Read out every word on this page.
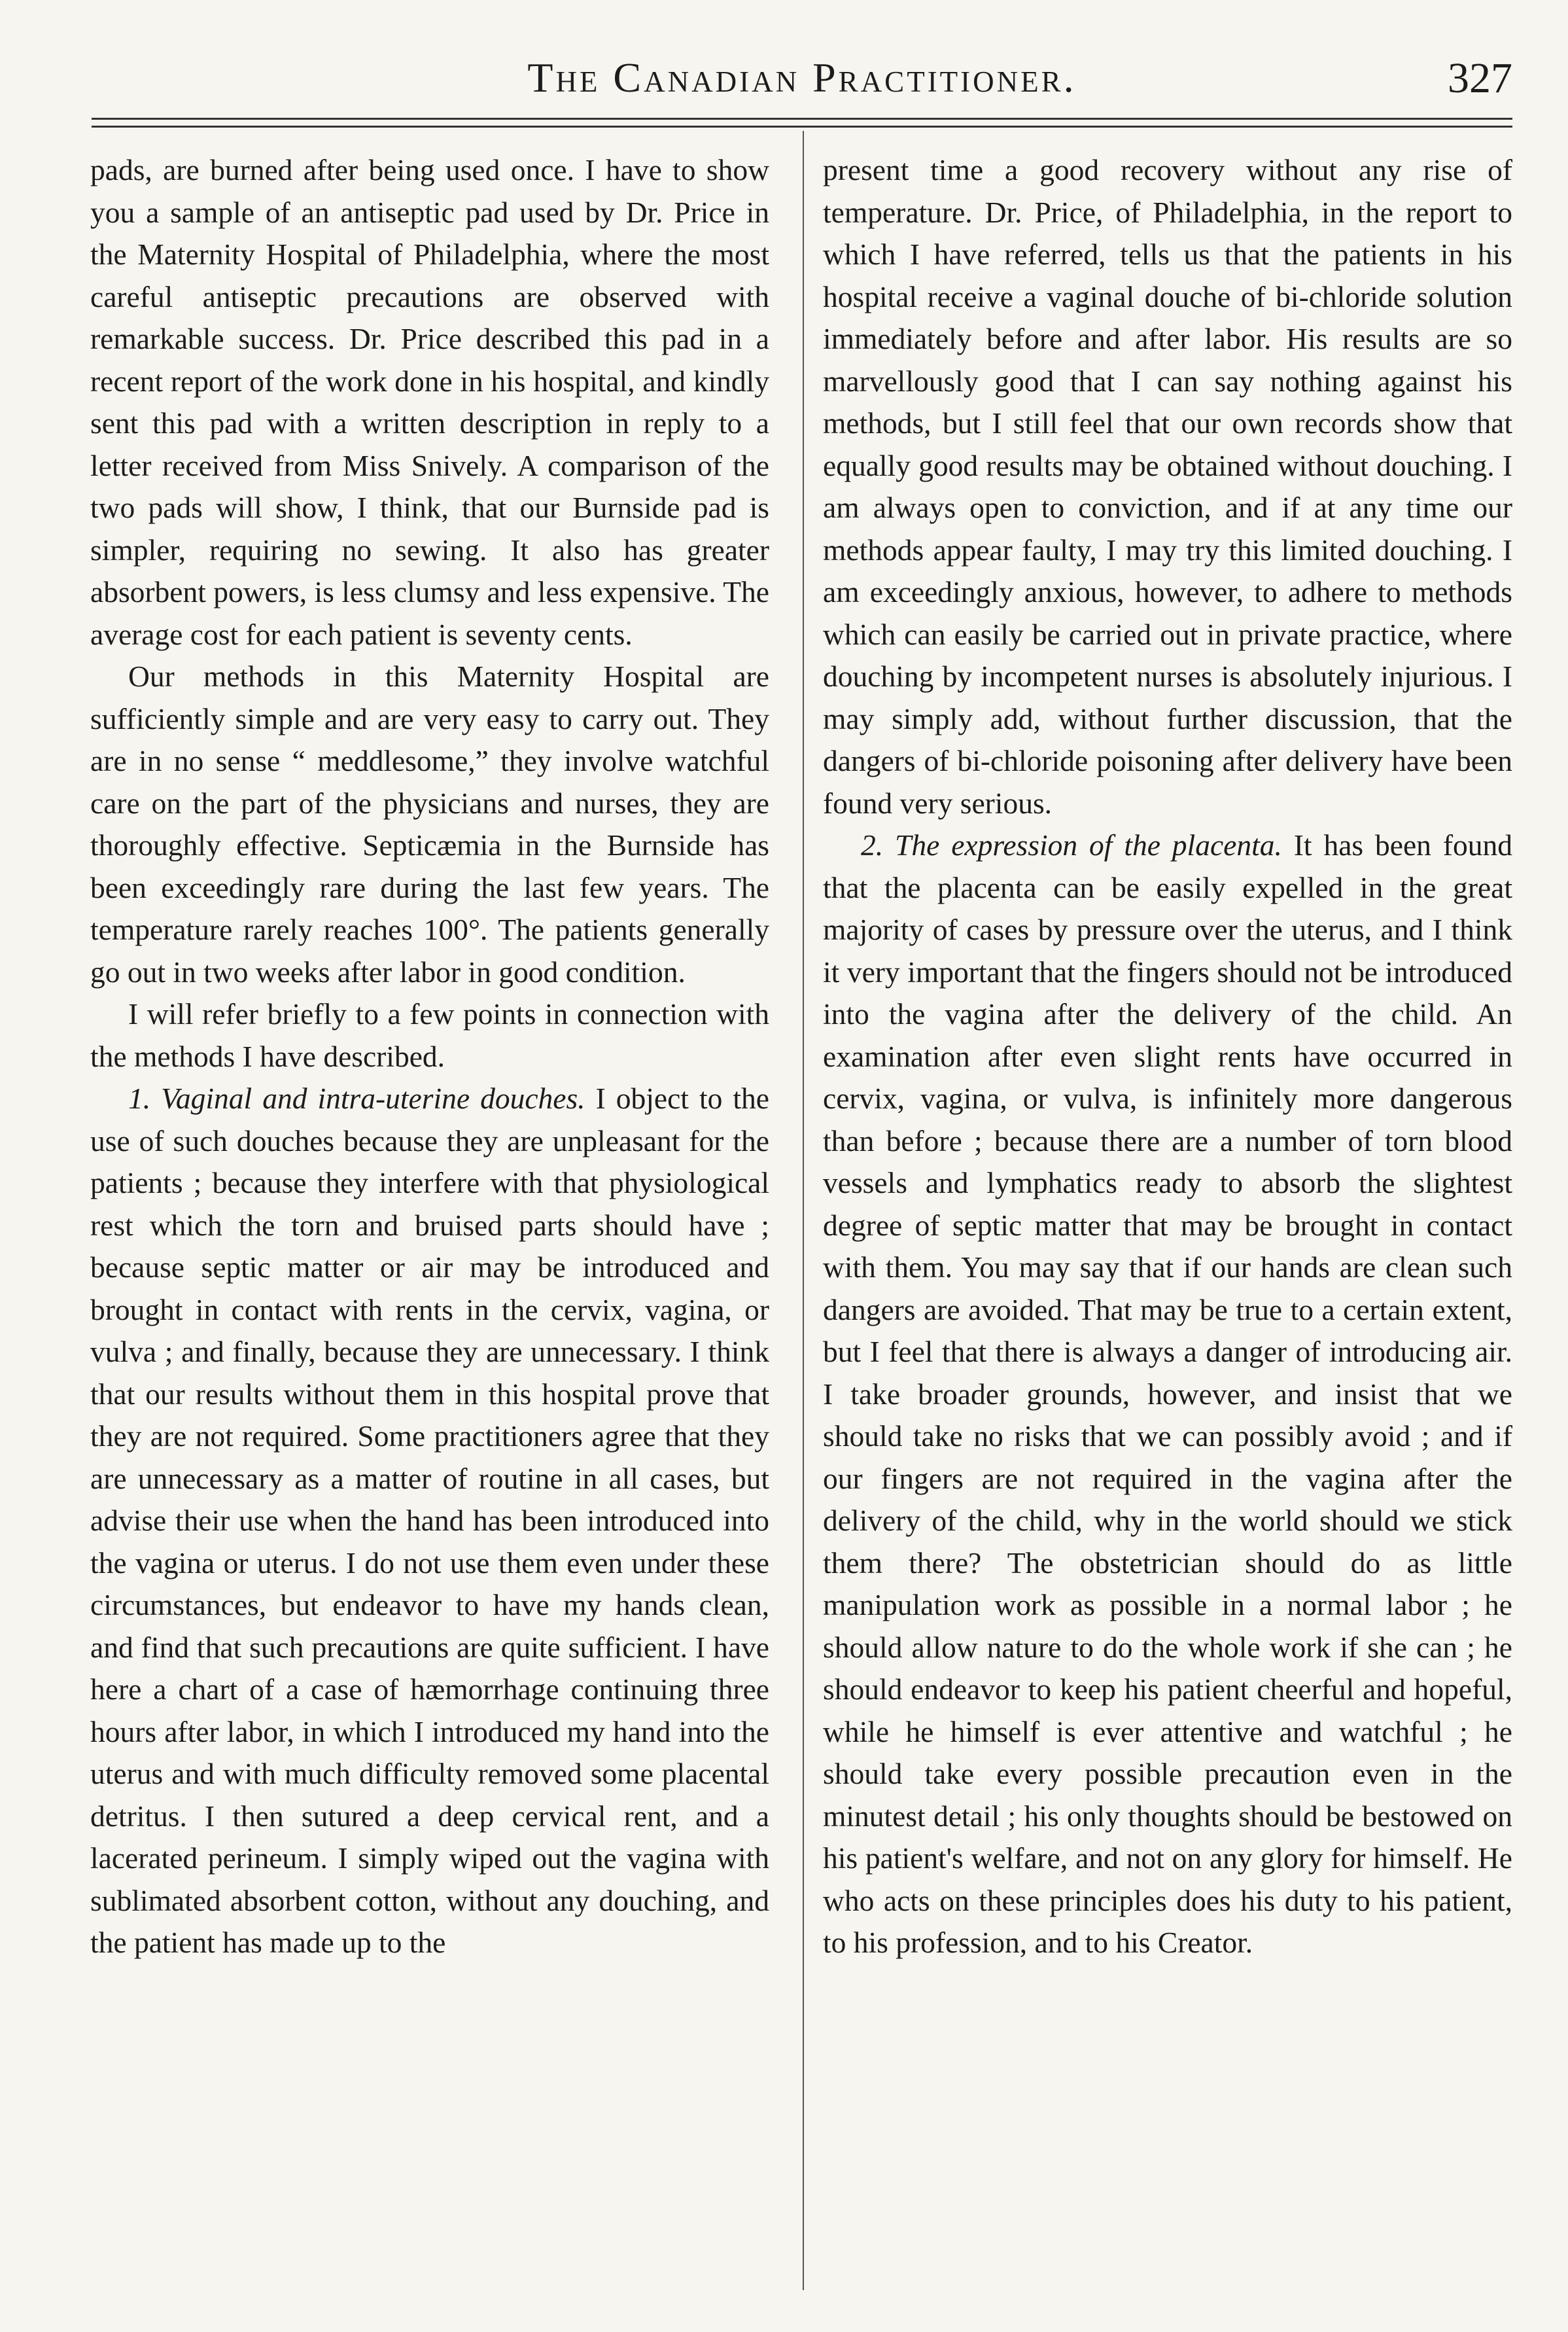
The Canadian Practitioner.	327

pads, are burned after being used once. I have to show you a sample of an antiseptic pad used by Dr. Price in the Maternity Hospital of Philadelphia, where the most careful antiseptic precautions are observed with remarkable success. Dr. Price described this pad in a recent report of the work done in his hospital, and kindly sent this pad with a written description in reply to a letter received from Miss Snively. A comparison of the two pads will show, I think, that our Burnside pad is simpler, requiring no sewing. It also has greater absorbent powers, is less clumsy and less expensive. The average cost for each patient is seventy cents.

Our methods in this Maternity Hospital are sufficiently simple and are very easy to carry out. They are in no sense “ meddlesome,” they involve watchful care on the part of the physicians and nurses, they are thoroughly effective. Septicæmia in the Burnside has been exceedingly rare during the last few years. The temperature rarely reaches 100°. The patients generally go out in two weeks after labor in good condition.

I will refer briefly to a few points in connection with the methods I have described.

1. Vaginal and intra-uterine douches. I object to the use of such douches because they are unpleasant for the patients ; because they interfere with that physiological rest which the torn and bruised parts should have ; because septic matter or air may be introduced and brought in contact with rents in the cervix, vagina, or vulva ; and finally, because they are unnecessary. I think that our results without them in this hospital prove that they are not required. Some practitioners agree that they are unnecessary as a matter of routine in all cases, but advise their use when the hand has been introduced into the vagina or uterus. I do not use them even under these circumstances, but endeavor to have my hands clean, and find that such precautions are quite sufficient. I have here a chart of a case of hæmorrhage continuing three hours after labor, in which I introduced my hand into the uterus and with much difficulty removed some placental detritus. I then sutured a deep cervical rent, and a lacerated perineum. I simply wiped out the vagina with sublimated absorbent cotton, without any douching, and the patient has made up to the

present time a good recovery without any rise of temperature. Dr. Price, of Philadelphia, in the report to which I have referred, tells us that the patients in his hospital receive a vaginal douche of bi-chloride solution immediately before and after labor. His results are so marvellously good that I can say nothing against his methods, but I still feel that our own records show that equally good results may be obtained without douching. I am always open to conviction, and if at any time our methods appear faulty, I may try this limited douching. I am exceedingly anxious, however, to adhere to methods which can easily be carried out in private practice, where douching by incompetent nurses is absolutely injurious. I may simply add, without further discussion, that the dangers of bi-chloride poisoning after delivery have been found very serious.

2. The expression of the placenta. It has been found that the placenta can be easily expelled in the great majority of cases by pressure over the uterus, and I think it very important that the fingers should not be introduced into the vagina after the delivery of the child. An examination after even slight rents have occurred in cervix, vagina, or vulva, is infinitely more dangerous than before ; because there are a number of torn blood vessels and lymphatics ready to absorb the slightest degree of septic matter that may be brought in contact with them. You may say that if our hands are clean such dangers are avoided. That may be true to a certain extent, but I feel that there is always a danger of introducing air. I take broader grounds, however, and insist that we should take no risks that we can possibly avoid ; and if our fingers are not required in the vagina after the delivery of the child, why in the world should we stick them there? The obstetrician should do as little manipulation work as possible in a normal labor ; he should allow nature to do the whole work if she can ; he should endeavor to keep his patient cheerful and hopeful, while he himself is ever attentive and watchful ; he should take every possible precaution even in the minutest detail ; his only thoughts should be bestowed on his patient's welfare, and not on any glory for himself. He who acts on these principles does his duty to his patient, to his profession, and to his Creator.
